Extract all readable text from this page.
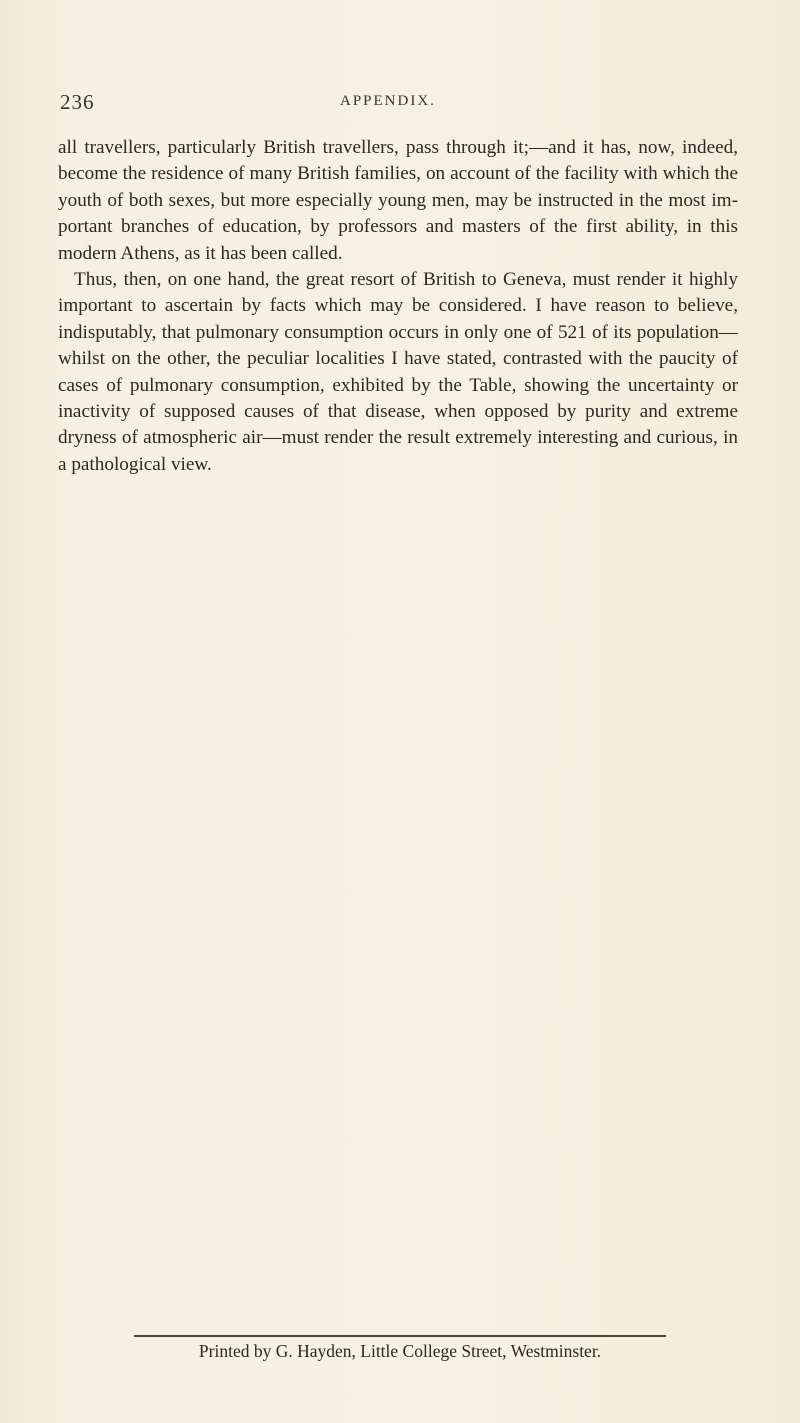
236	APPENDIX.

all travellers, particularly British travellers, pass through it;—and it has, now, indeed, become the residence of many British families, on account of the facility with which the youth of both sexes, but more especially young men, may be instructed in the most important branches of education, by professors and masters of the first ability, in this modern Athens, as it has been called.

Thus, then, on one hand, the great resort of British to Geneva, must render it highly important to ascertain by facts which may be considered. I have reason to believe, indisputably, that pulmonary consumption occurs in only one of 521 of its population—whilst on the other, the peculiar localities I have stated, contrasted with the paucity of cases of pulmonary consumption, exhibited by the Table, showing the uncertainty or inactivity of supposed causes of that disease, when opposed by purity and extreme dryness of atmospheric air—must render the result extremely interesting and curious, in a pathological view.

Printed by G. Hayden, Little College Street, Westminster.
